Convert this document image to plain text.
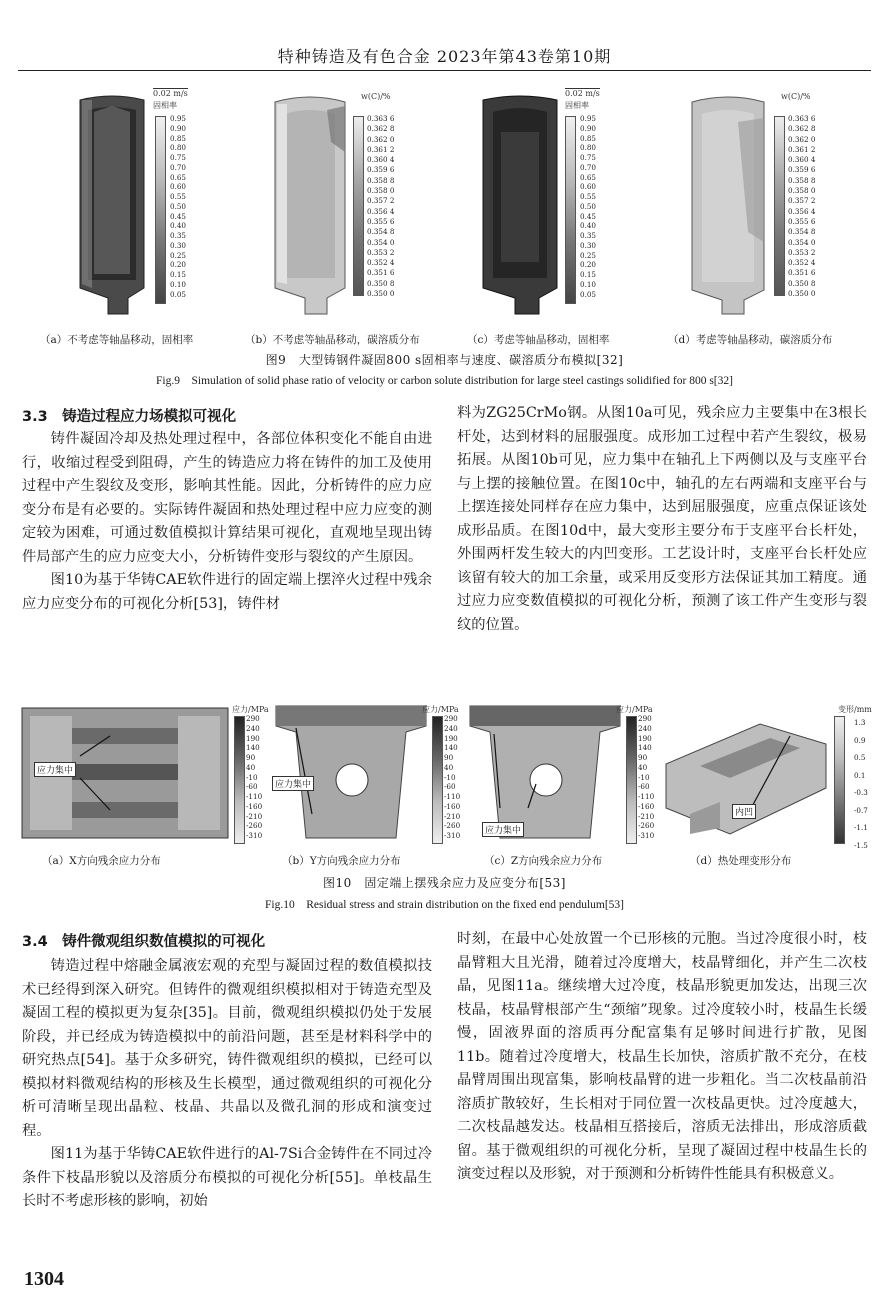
特种铸造及有色合金 2023年第43卷第10期
0.02 m/s
固相率
0.95
0.90
0.85
0.80
0.75
0.70
0.65
0.60
0.55
0.50
0.45
0.40
0.35
0.30
0.25
0.20
0.15
0.10
0.05
w(C)/%
0.363 6
0.362 8
0.362 0
0.361 2
0.360 4
0.359 6
0.358 8
0.358 0
0.357 2
0.356 4
0.355 6
0.354 8
0.354 0
0.353 2
0.352 4
0.351 6
0.350 8
0.350 0
0.02 m/s
固相率
0.95
0.90
0.85
0.80
0.75
0.70
0.65
0.60
0.55
0.50
0.45
0.40
0.35
0.30
0.25
0.20
0.15
0.10
0.05
w(C)/%
0.363 6
0.362 8
0.362 0
0.361 2
0.360 4
0.359 6
0.358 8
0.358 0
0.357 2
0.356 4
0.355 6
0.354 8
0.354 0
0.353 2
0.352 4
0.351 6
0.350 8
0.350 0
（a）不考虑等轴晶移动，固相率	（b）不考虑等轴晶移动，碳溶质分布	（c）考虑等轴晶移动，固相率	（d）考虑等轴晶移动，碳溶质分布
图9　大型铸钢件凝固800 s固相率与速度、碳溶质分布模拟[32]
Fig.9　Simulation of solid phase ratio of velocity or carbon solute distribution for large steel castings solidified for 800 s[32]
3.3　铸造过程应力场模拟可视化

铸件凝固冷却及热处理过程中，各部位体积变化不能自由进行，收缩过程受到阻碍，产生的铸造应力将在铸件的加工及使用过程中产生裂纹及变形，影响其性能。因此，分析铸件的应力应变分布是有必要的。实际铸件凝固和热处理过程中应力应变的测定较为困难，可通过数值模拟计算结果可视化，直观地呈现出铸件局部产生的应力应变大小，分析铸件变形与裂纹的产生原因。

图10为基于华铸CAE软件进行的固定端上摆淬火过程中残余应力应变分布的可视化分析[53]，铸件材

料为ZG25CrMo钢。从图10a可见，残余应力主要集中在3根长杆处，达到材料的屈服强度。成形加工过程中若产生裂纹，极易拓展。从图10b可见，应力集中在轴孔上下两侧以及与支座平台与上摆的接触位置。在图10c中，轴孔的左右两端和支座平台与上摆连接处同样存在应力集中，达到屈服强度，应重点保证该处成形品质。在图10d中，最大变形主要分布于支座平台长杆处，外围两杆发生较大的内凹变形。工艺设计时，支座平台长杆处应该留有较大的加工余量，或采用反变形方法保证其加工精度。通过应力应变数值模拟的可视化分析，预测了该工件产生变形与裂纹的位置。

应力集中
应力/MPa
290
240
190
140
90
40
-10
-60
-110
-160
-210
-260
-310
应力集中
应力/MPa
290
240
190
140
90
40
-10
-60
-110
-160
-210
-260
-310	应力集中
应力/MPa
290
240
190
140
90
40
-10
-60
-110
-160
-210
-260
-310
内凹
变形/mm
1.3
0.9
0.5
0.1
-0.3
-0.7
-1.1
-1.5
（a）X方向残余应力分布	（b）Y方向残余应力分布	（c）Z方向残余应力分布	（d）热处理变形分布
图10　固定端上摆残余应力及应变分布[53]
Fig.10　Residual stress and strain distribution on the fixed end pendulum[53]
3.4　铸件微观组织数值模拟的可视化

铸造过程中熔融金属液宏观的充型与凝固过程的数值模拟技术已经得到深入研究。但铸件的微观组织模拟相对于铸造充型及凝固工程的模拟更为复杂[35]。目前，微观组织模拟仍处于发展阶段，并已经成为铸造模拟中的前沿问题，甚至是材料科学中的研究热点[54]。基于众多研究，铸件微观组织的模拟，已经可以模拟材料微观结构的形核及生长模型，通过微观组织的可视化分析可清晰呈现出晶粒、枝晶、共晶以及微孔洞的形成和演变过程。

图11为基于华铸CAE软件进行的Al-7Si合金铸件在不同过冷条件下枝晶形貌以及溶质分布模拟的可视化分析[55]。单枝晶生长时不考虑形核的影响，初始

时刻，在最中心处放置一个已形核的元胞。当过冷度很小时，枝晶臂粗大且光滑，随着过冷度增大，枝晶臂细化，并产生二次枝晶，见图11a。继续增大过冷度，枝晶形貌更加发达，出现三次枝晶，枝晶臂根部产生“颈缩”现象。过冷度较小时，枝晶生长缓慢，固液界面的溶质再分配富集有足够时间进行扩散，见图11b。随着过冷度增大，枝晶生长加快，溶质扩散不充分，在枝晶臂周围出现富集，影响枝晶臂的进一步粗化。当二次枝晶前沿溶质扩散较好，生长相对于同位置一次枝晶更快。过冷度越大，二次枝晶越发达。枝晶相互搭接后，溶质无法排出，形成溶质截留。基于微观组织的可视化分析，呈现了凝固过程中枝晶生长的演变过程以及形貌，对于预测和分析铸件性能具有积极意义。

1304
